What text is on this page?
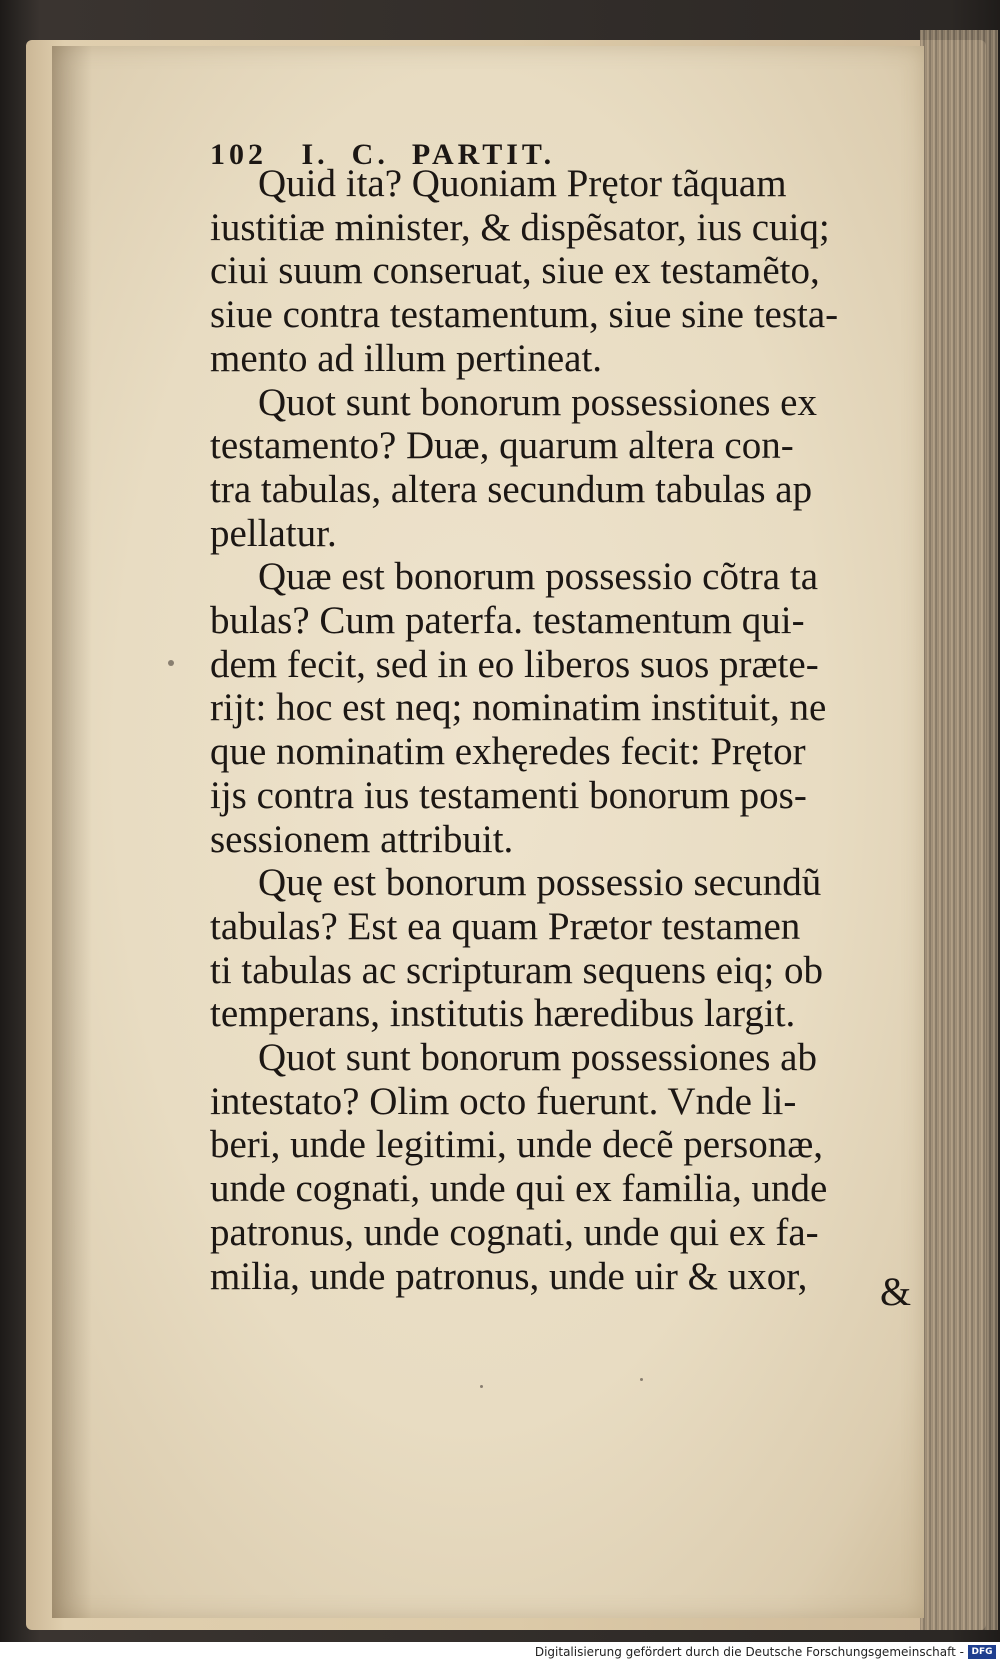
102 I.  C.  PARTIT.
Quid ita? Quoniam Prętor tãquam
iustitiæ minister, & dispẽsator, ius cuiq;
ciui suum conseruat, siue ex testamẽto,
siue contra testamentum, siue sine testa-
mento ad illum pertineat.
Quot sunt bonorum possessiones ex
testamento? Duæ, quarum altera con-
tra tabulas, altera secundum tabulas ap
pellatur.
Quæ est bonorum possessio cõtra ta
bulas? Cum paterfa. testamentum qui-
dem fecit, sed in eo liberos suos præte-
rijt: hoc est neq; nominatim instituit, ne
que nominatim exhęredes fecit: Prętor
ijs contra ius testamenti bonorum pos-
sessionem attribuit.
Quę est bonorum possessio secundũ
tabulas? Est ea quam Prætor testamen
ti tabulas ac scripturam sequens eiq; ob
temperans, institutis hæredibus largit.
Quot sunt bonorum possessiones ab
intestato? Olim octo fuerunt. Vnde li-
beri, unde legitimi, unde decẽ personæ,
unde cognati, unde qui ex familia, unde
patronus, unde cognati, unde qui ex fa-
milia, unde patronus, unde uir & uxor,	&
Digitalisierung gefördert durch die Deutsche Forschungsgemeinschaft - DFG
